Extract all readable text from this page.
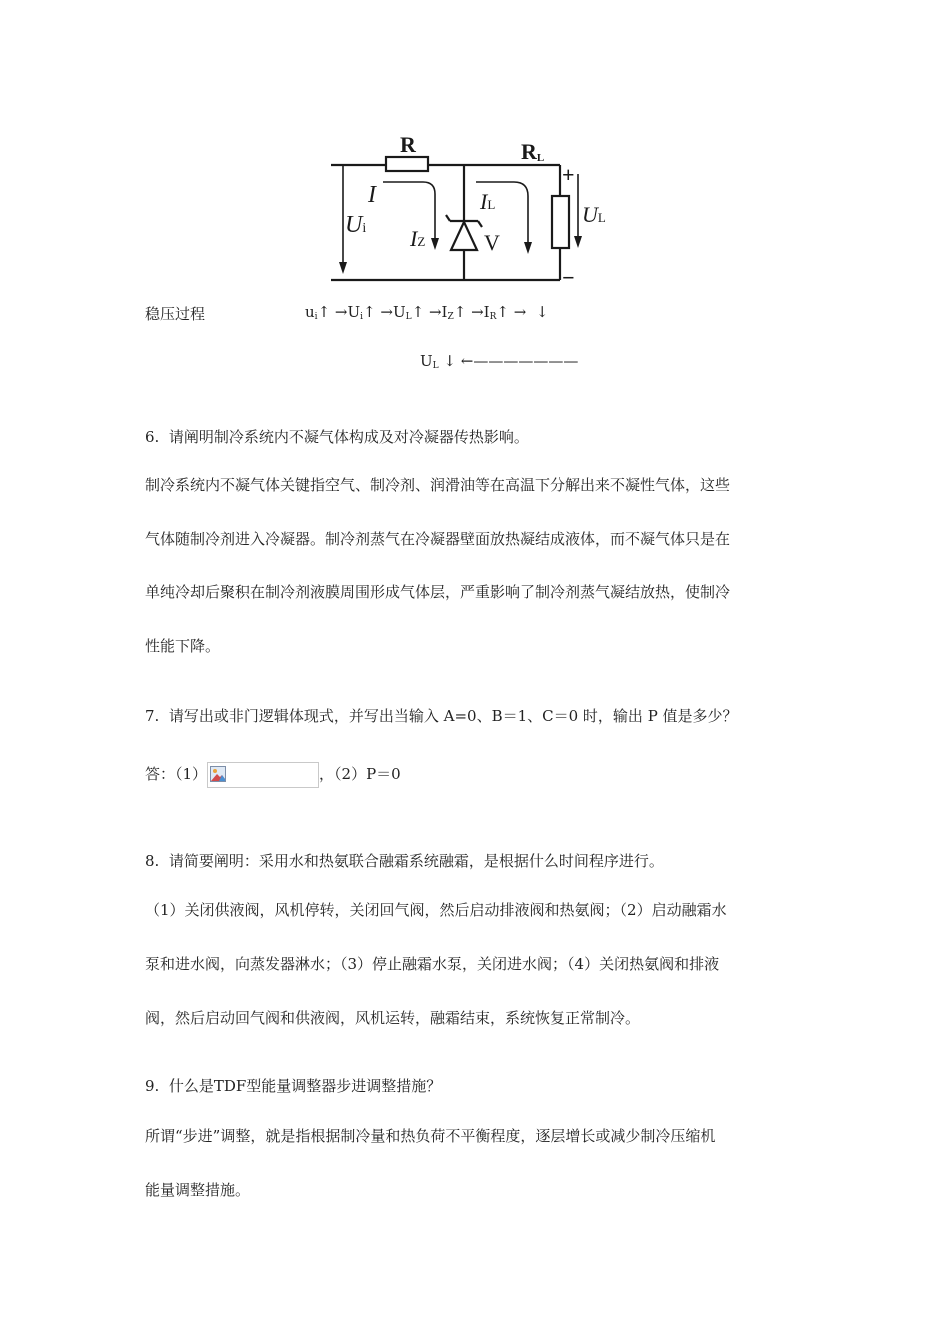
R	RL
+
−
I
Ui
IL
IZ	V
UL
稳压过程	$u_i↑$ $\to U_i↑$ $\to U_L↑$ $\to I_Z↑$ $\to I_R↑$ →  ↓
$U_L$ ↓ ←———————
6. 请阐明制冷系统内不凝气体构成及对冷凝器传热影响。
制冷系统内不凝气体关键指空气、制冷剂、润滑油等在高温下分解出来不凝性气体，这些
气体随制冷剂进入冷凝器。制冷剂蒸气在冷凝器壁面放热凝结成液体，而不凝气体只是在
单纯冷却后聚积在制冷剂液膜周围形成气体层，严重影响了制冷剂蒸气凝结放热，使制冷
性能下降。
7. 请写出或非门逻辑体现式，并写出当输入 A=0、B＝1、C＝0 时，输出 P 值是多少？
答：（1）	，（2）P＝0
8. 请简要阐明：采用水和热氨联合融霜系统融霜，是根据什么时间程序进行。
（1）关闭供液阀，风机停转，关闭回气阀，然后启动排液阀和热氨阀；（2）启动融霜水
泵和进水阀，向蒸发器淋水；（3）停止融霜水泵，关闭进水阀；（4）关闭热氨阀和排液
阀，然后启动回气阀和供液阀，风机运转，融霜结束，系统恢复正常制冷。
9. 什么是TDF型能量调整器步进调整措施？
所谓“步进”调整，就是指根据制冷量和热负荷不平衡程度，逐层增长或减少制冷压缩机
能量调整措施。
